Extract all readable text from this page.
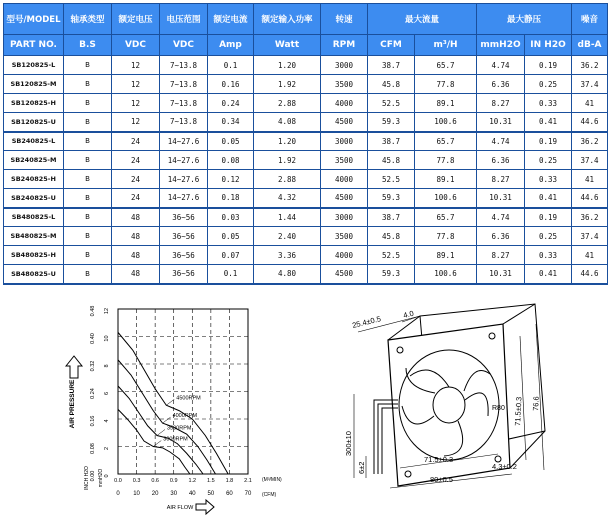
型号/MODEL	轴承类型	额定电压	电压范围	额定电流	额定输入功率	转速	最大流量		最大静压		噪音
PART NO.	B.S	VDC	VDC	Amp	Watt	RPM	CFM	m³/H	mmH2O	IN H2O	dB-A
SB120825-L	B	12	7~13.8	0.1	1.20	3000	38.7	65.7	4.74	0.19	36.2
SB120825-M	B	12	7~13.8	0.16	1.92	3500	45.8	77.8	6.36	0.25	37.4
SB120825-H	B	12	7~13.8	0.24	2.88	4000	52.5	89.1	8.27	0.33	41
SB120825-U	B	12	7~13.8	0.34	4.08	4500	59.3	100.6	10.31	0.41	44.6
SB240825-L	B	24	14~27.6	0.05	1.20	3000	38.7	65.7	4.74	0.19	36.2
SB240825-M	B	24	14~27.6	0.08	1.92	3500	45.8	77.8	6.36	0.25	37.4
SB240825-H	B	24	14~27.6	0.12	2.88	4000	52.5	89.1	8.27	0.33	41
SB240825-U	B	24	14~27.6	0.18	4.32	4500	59.3	100.6	10.31	0.41	44.6
SB480825-L	B	48	36~56	0.03	1.44	3000	38.7	65.7	4.74	0.19	36.2
SB480825-M	B	48	36~56	0.05	2.40	3500	45.8	77.8	6.36	0.25	37.4
SB480825-H	B	48	36~56	0.07	3.36	4000	52.5	89.1	8.27	0.33	41
SB480825-U	B	48	36~56	0.1	4.80	4500	59.3	100.6	10.31	0.41	44.6
0
0.0
10
0.3
20
0.6
30
0.9
40
1.2
50
1.5
60
1.8
70
2.1
0
0.00
2
0.08
4
0.16
6
0.24
8
0.32
10
0.40
12
0.48
AIR PRESSURE
INCH H2O mmH2O
AIR FLOW
(M³/MIN)
(CFM)
4500RPM
4000RPM
3500RPM
3000RPM
25.4±0.5	4.0
300±10
6±2
71.5±0.3
80±0.5
71.5±0.3 76.6
4.3±0.2
R80
